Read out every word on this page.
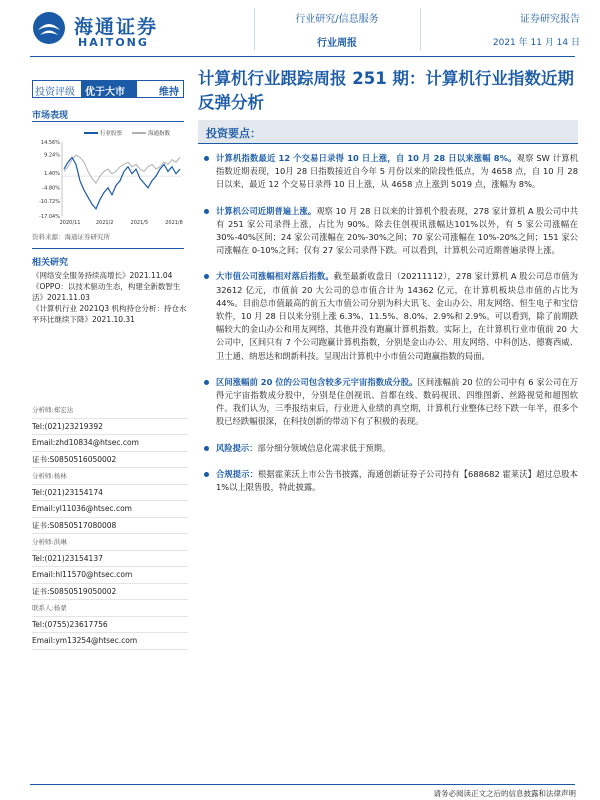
海通证券
HAITONG
行业研究/信息服务
行业周报
证券研究报告
2021 年 11 月 14 日
投资评级	优于大市	维持
计算机行业跟踪周报 251 期：计算机行业指数近期反弹分析
市场表现
行业股票	海通指数
14.56%
9.24%
1.40%
-4.80%
-10.72%
-17.04%
2020/11	2021/2	2021/5	2021/8
资料来源：海通证券研究所
相关研究
《网络安全服务持续高增长》2021.11.04
《OPPO：以技术驱动生态，构建全新数智生活》2021.11.03
《计算机行业 2021Q3 机构持仓分析：持仓水平环比继续下降》2021.10.31
分析师:郑宏达
Tel:(021)23219392
Email:zhd10834@htsec.com
证书:S0850516050002
分析师:杨林
Tel:(021)23154174
Email:yl11036@htsec.com
证书:S0850517080008
分析师:洪琳
Tel:(021)23154137
Email:hl11570@htsec.com
证书:S0850519050002
联系人:杨蒙
Tel:(0755)23617756
Email:ym13254@htsec.com
投资要点：
计算机指数最近 12 个交易日录得 10 日上涨，自 10 月 28 日以来涨幅 8%。观察 SW 计算机指数近期表现，10月 28 日指数接近自今年 5 月份以来的阶段性低点，为 4658 点，自 10 月 28 日以来，最近 12 个交易日录得 10 日上涨，从 4658 点上涨到 5019 点，涨幅为 8%。
计算机公司近期普遍上涨。观察 10 月 28 日以来的计算机个股表现，278 家计算机 A 股公司中共有 251 家公司录得上涨，占比为 90%。除去住创视讯涨幅达101%以外，有 5 家公司涨幅在 30%-40%区间；24 家公司涨幅在 20%-30%之间；70 家公司涨幅在 10%-20%之间；151 家公司涨幅在 0-10%之间；仅有 27 家公司录得下跌。可以看到，计算机公司近期普遍录得上涨。
大市值公司涨幅相对落后指数。截至最新收盘日（20211112），278 家计算机 A 股公司总市值为 32612 亿元，市值前 20 大公司的总市值合计为 14362 亿元，在计算机板块总市值的占比为 44%。目前总市值最高的前五大市值公司分别为科大讯飞、金山办公、用友网络、恒生电子和宝信软件，10 月 28 日以来分别上涨 6.3%、11.5%、8.0%、2.9%和 2.9%。可以看到，除了前期跌幅较大的金山办公和用友网络，其他并没有跑赢计算机指数。实际上，在计算机行业市值前 20 大公司中，区间只有 7 个公司跑赢计算机指数，分别是金山办公、用友网络、中科创达、德赛西威、卫士通、纳思达和朗新科技。呈现出计算机中小市值公司跑赢指数的局面。
区间涨幅前 20 位的公司包含较多元宇宙指数成分股。区间涨幅前 20 位的公司中有 6 家公司在万得元宇宙指数成分股中，分别是住创视讯、首都在线、数码视讯、四维图新、丝路视觉和超图软件。我们认为，三季报结束后，行业进入业绩的真空期，计算机行业整体已经下跌一年半，很多个股已经跌幅很深，在科技创新的带动下有了积极的表现。
风险提示：部分细分领域信息化需求低于预期。
合规提示：根据霍莱沃上市公告书披露，海通创新证券子公司持有【688682 霍莱沃】超过总股本 1%以上限售股，特此披露。
请务必阅读正文之后的信息披露和法律声明
